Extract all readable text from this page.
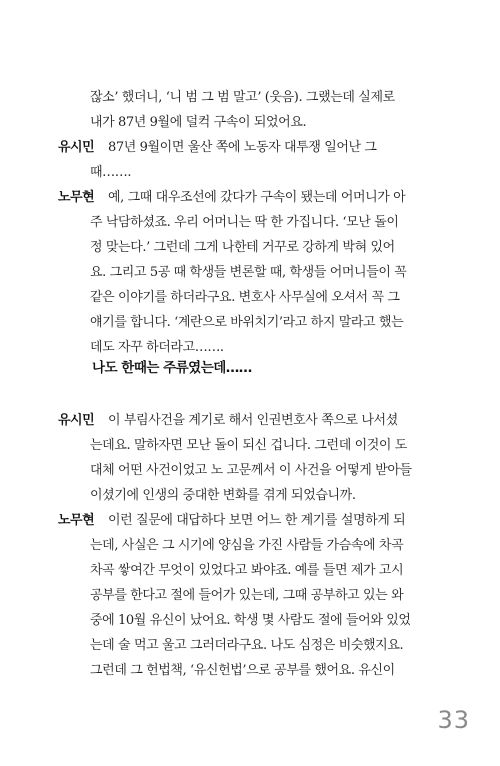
잖소’ 했더니, ‘니 범 그 범 말고’ (웃음). 그랬는데 실제로
내가 87년 9월에 덜컥 구속이 되었어요.
유시민 87년 9월이면 울산 쪽에 노동자 대투쟁 일어난 그
때…….
노무현 예, 그때 대우조선에 갔다가 구속이 됐는데 어머니가 아
주 낙담하셨죠. 우리 어머니는 딱 한 가집니다. ‘모난 돌이
정 맞는다.’ 그런데 그게 나한테 거꾸로 강하게 박혀 있어
요. 그리고 5공 때 학생들 변론할 때, 학생들 어머니들이 꼭
같은 이야기를 하더라구요. 변호사 사무실에 오셔서 꼭 그
얘기를 합니다. ‘계란으로 바위치기’라고 하지 말라고 했는
데도 자꾸 하더라고…….
나도 한때는 주류였는데……
유시민 이 부림사건을 계기로 해서 인권변호사 쪽으로 나서셨
는데요. 말하자면 모난 돌이 되신 겁니다. 그런데 이것이 도
대체 어떤 사건이었고 노 고문께서 이 사건을 어떻게 받아들
이셨기에 인생의 중대한 변화를 겪게 되었습니까.
노무현 이런 질문에 대답하다 보면 어느 한 계기를 설명하게 되
는데, 사실은 그 시기에 양심을 가진 사람들 가슴속에 차곡
차곡 쌓여간 무엇이 있었다고 봐야죠. 예를 들면 제가 고시
공부를 한다고 절에 들어가 있는데, 그때 공부하고 있는 와
중에 10월 유신이 났어요. 학생 몇 사람도 절에 들어와 있었
는데 술 먹고 울고 그러더라구요. 나도 심정은 비슷했지요.
그런데 그 헌법책, ‘유신헌법’으로 공부를 했어요. 유신이
33
